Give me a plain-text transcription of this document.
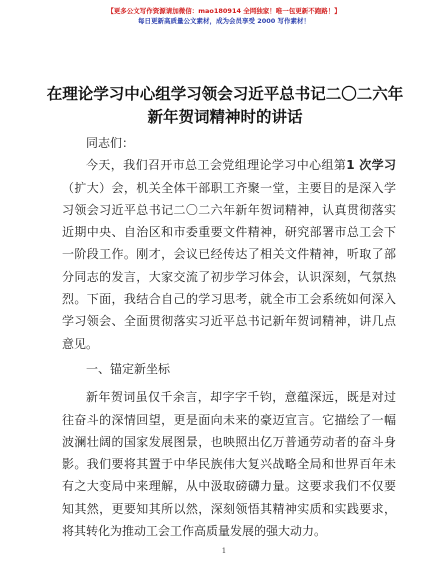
【更多公文写作资源请加微信：mao180914 全网独家！唯一包更新不跑路！】
每日更新高质量公文素材，成为会员享受 2000 写作素材！
在理论学习中心组学习领会习近平总书记二〇二六年新年贺词精神时的讲话

同志们：

今天，我们召开市总工会党组理论学习中心组第1 次学习（扩大）会，机关全体干部职工齐聚一堂，主要目的是深入学习领会习近平总书记二〇二六年新年贺词精神，认真贯彻落实近期中央、自治区和市委重要文件精神，研究部署市总工会下一阶段工作。刚才，会议已经传达了相关文件精神，听取了部分同志的发言，大家交流了初步学习体会，认识深刻，气氛热烈。下面，我结合自己的学习思考，就全市工会系统如何深入学习领会、全面贯彻落实习近平总书记新年贺词精神，讲几点意见。

一、锚定新坐标

新年贺词虽仅千余言，却字字千钧，意蕴深远，既是对过往奋斗的深情回望，更是面向未来的豪迈宣言。它描绘了一幅波澜壮阔的国家发展图景，也映照出亿万普通劳动者的奋斗身影。我们要将其置于中华民族伟大复兴战略全局和世界百年未有之大变局中来理解，从中汲取磅礴力量。这要求我们不仅要知其然，更要知其所以然，深刻领悟其精神实质和实践要求，将其转化为推动工会工作高质量发展的强大动力。

1
